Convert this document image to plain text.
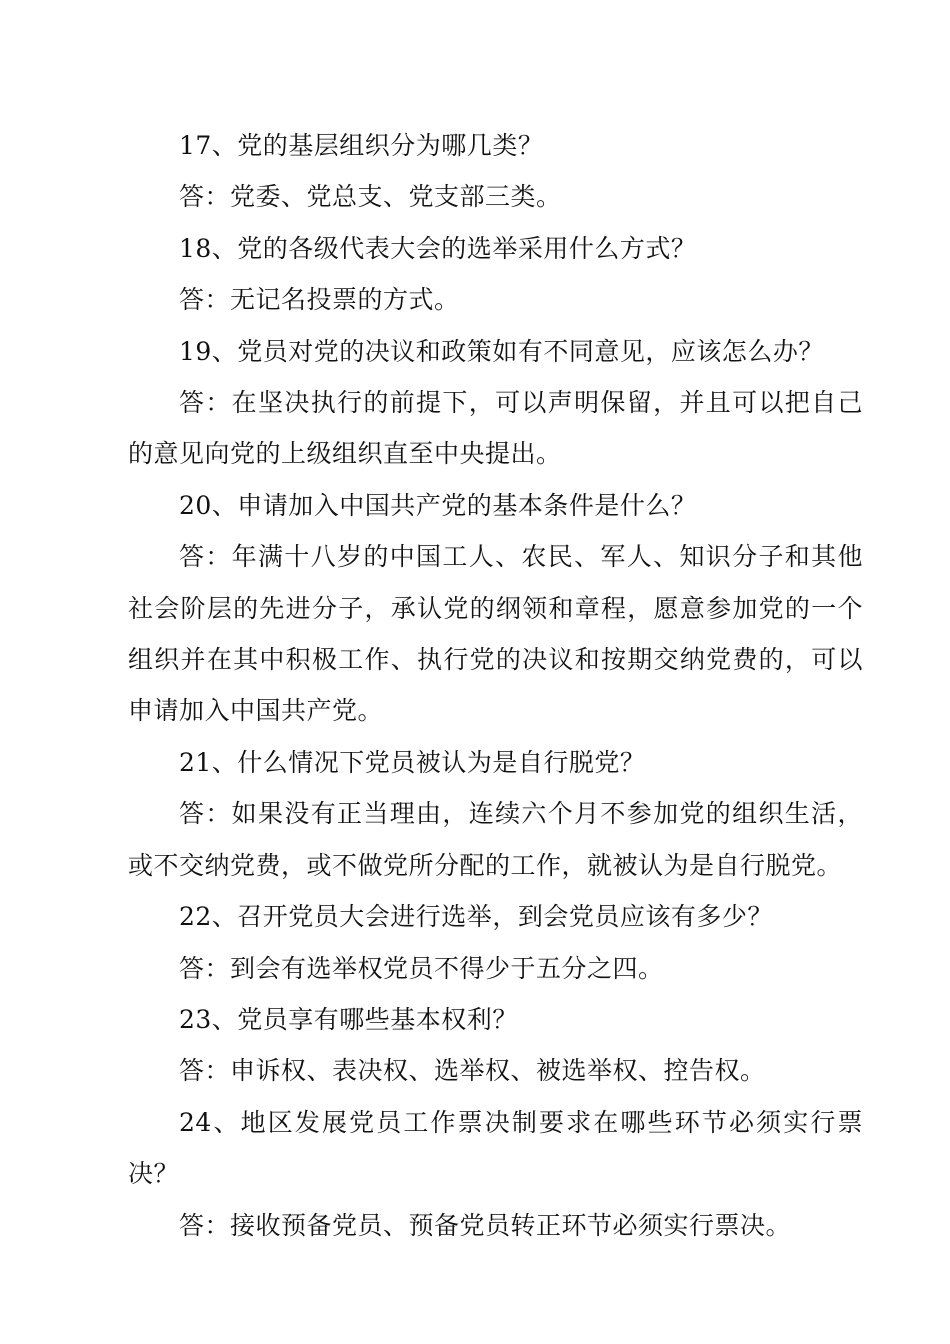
17、党的基层组织分为哪几类？

答：党委、党总支、党支部三类。

18、党的各级代表大会的选举采用什么方式？

答：无记名投票的方式。

19、党员对党的决议和政策如有不同意见，应该怎么办？

答：在坚决执行的前提下，可以声明保留，并且可以把自己的意见向党的上级组织直至中央提出。

20、申请加入中国共产党的基本条件是什么？

答：年满十八岁的中国工人、农民、军人、知识分子和其他社会阶层的先进分子，承认党的纲领和章程，愿意参加党的一个组织并在其中积极工作、执行党的决议和按期交纳党费的，可以申请加入中国共产党。

21、什么情况下党员被认为是自行脱党？

答：如果没有正当理由，连续六个月不参加党的组织生活，或不交纳党费，或不做党所分配的工作，就被认为是自行脱党。

22、召开党员大会进行选举，到会党员应该有多少？

答：到会有选举权党员不得少于五分之四。

23、党员享有哪些基本权利？

答：申诉权、表决权、选举权、被选举权、控告权。

24、地区发展党员工作票决制要求在哪些环节必须实行票决？

答：接收预备党员、预备党员转正环节必须实行票决。
